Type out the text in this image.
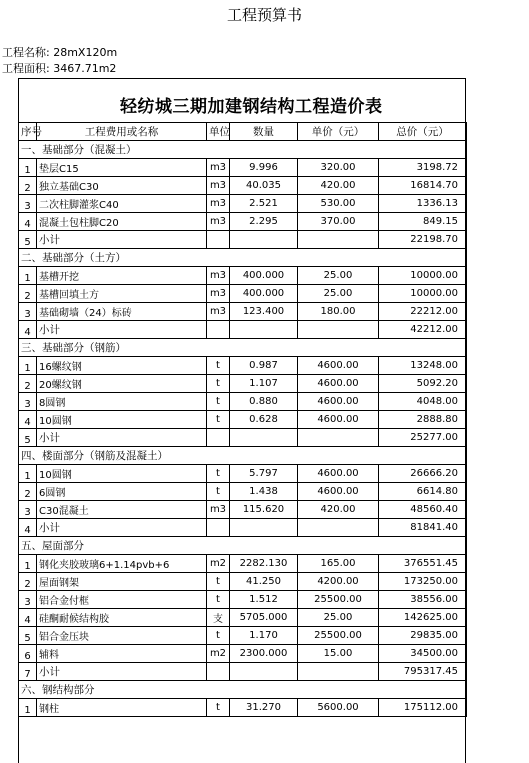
工程预算书
工程名称: 28mX120m
工程面积: 3467.71m2
轻纺城三期加建钢结构工程造价表
序号	工程费用或名称	单位	数量	单价（元）	总价（元）
一、基础部分（混凝土）					
1	垫层C15	m3	9.996	320.00	3198.72
2	独立基础C30	m3	40.035	420.00	16814.70
3	二次柱脚灌浆C40	m3	2.521	530.00	1336.13
4	混凝土包柱脚C20	m3	2.295	370.00	849.15
5	小计				22198.70
二、基础部分（土方）					
1	基槽开挖	m3	400.000	25.00	10000.00
2	基槽回填土方	m3	400.000	25.00	10000.00
3	基础砌墙（24）标砖	m3	123.400	180.00	22212.00
4	小计				42212.00
三、基础部分（钢筋）					
1	16螺纹钢	t	0.987	4600.00	13248.00
2	20螺纹钢	t	1.107	4600.00	5092.20
3	8圆钢	t	0.880	4600.00	4048.00
4	10圆钢	t	0.628	4600.00	2888.80
5	小计				25277.00
四、楼面部分（钢筋及混凝土）					
1	10圆钢	t	5.797	4600.00	26666.20
2	6圆钢	t	1.438	4600.00	6614.80
3	C30混凝土	m3	115.620	420.00	48560.40
4	小计				81841.40
五、屋面部分					
1	钢化夹胶玻璃6+1.14pvb+6	m2	2282.130	165.00	376551.45
2	屋面钢架	t	41.250	4200.00	173250.00
3	铝合金付框	t	1.512	25500.00	38556.00
4	硅酮耐候结构胶	支	5705.000	25.00	142625.00
5	铝合金压块	t	1.170	25500.00	29835.00
6	辅料	m2	2300.000	15.00	34500.00
7	小计				795317.45
六、钢结构部分					
1	钢柱	t	31.270	5600.00	175112.00
